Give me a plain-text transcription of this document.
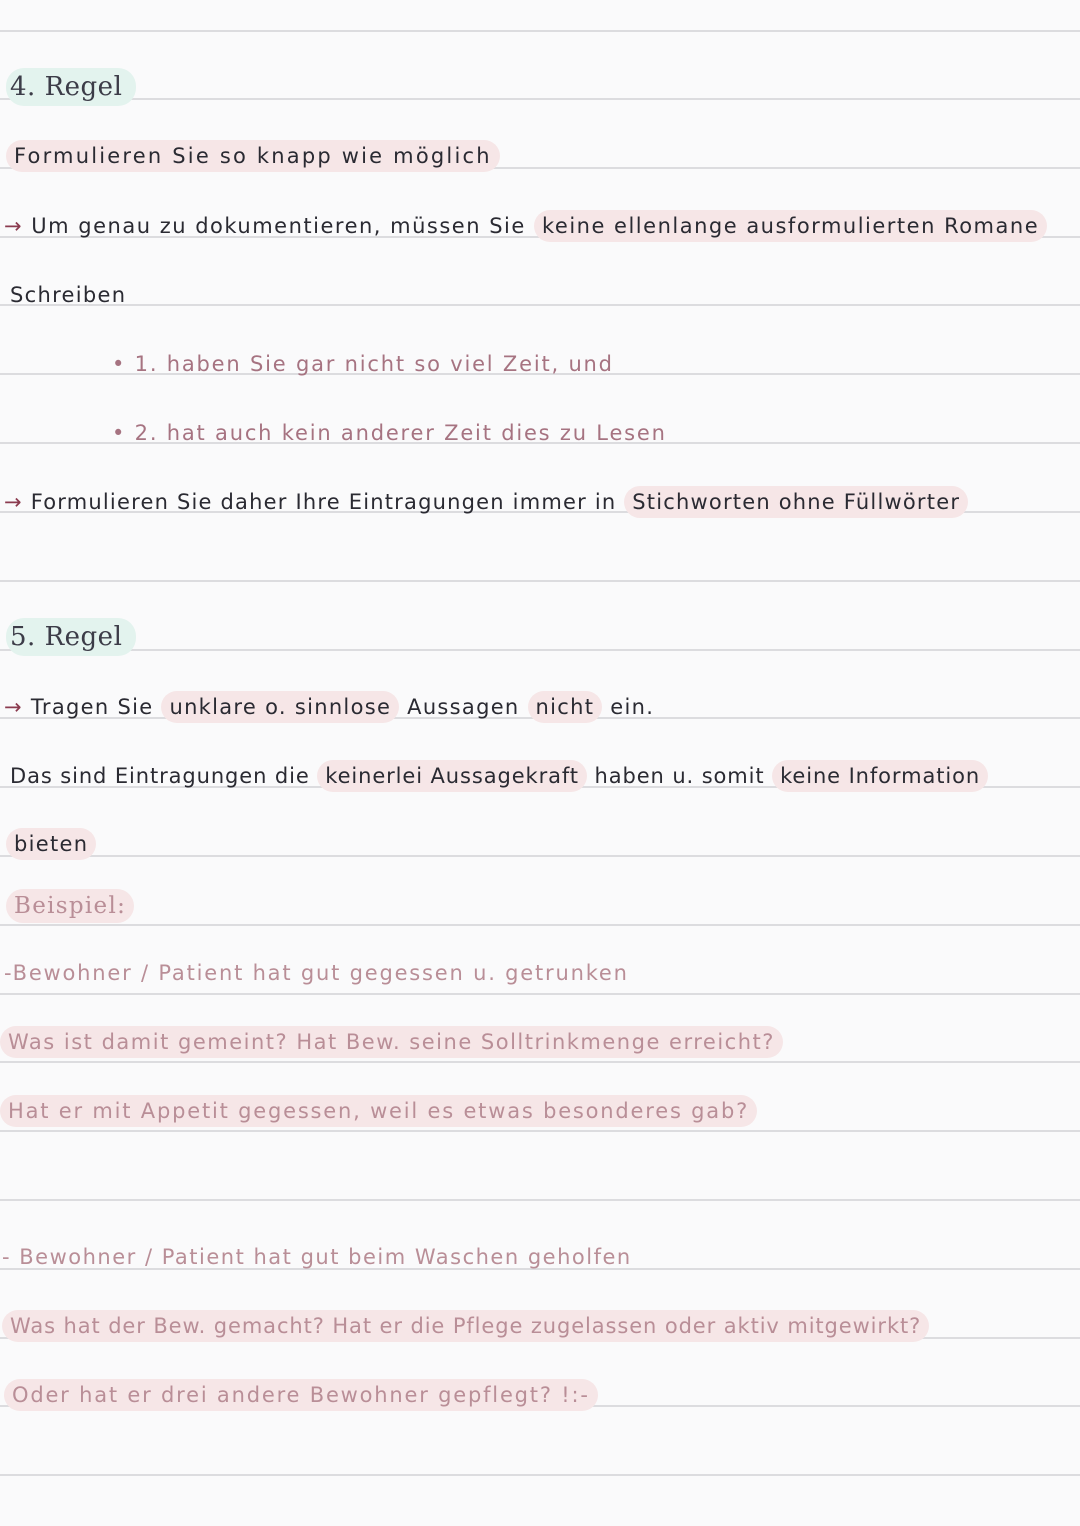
4. Regel
Formulieren Sie so knapp wie möglich
→ Um genau zu dokumentieren, müssen Sie keine ellenlange ausformulierten Romane
Schreiben
• 1. haben Sie gar nicht so viel Zeit, und
• 2. hat auch kein anderer Zeit dies zu Lesen
→ Formulieren Sie daher Ihre Eintragungen immer in Stichworten ohne Füllwörter
5. Regel
→ Tragen Sie unklare o. sinnlose Aussagen nicht ein.
Das sind Eintragungen die keinerlei Aussagekraft haben u. somit keine Information
bieten
Beispiel:
-Bewohner / Patient hat gut gegessen u. getrunken
Was ist damit gemeint? Hat Bew. seine Solltrinkmenge erreicht?
Hat er mit Appetit gegessen, weil es etwas besonderes gab?
- Bewohner / Patient hat gut beim Waschen geholfen
Was hat der Bew. gemacht? Hat er die Pflege zugelassen oder aktiv mitgewirkt?
Oder hat er drei andere Bewohner gepflegt? !:-
